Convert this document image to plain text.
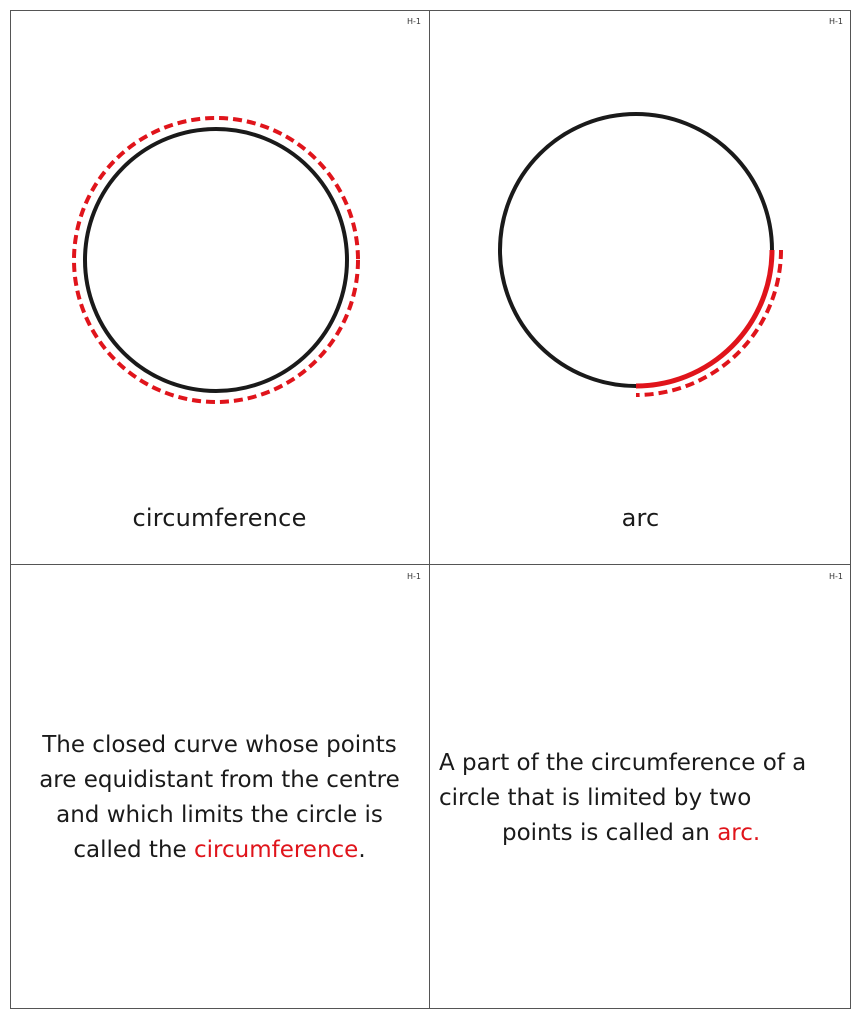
H-1
circumference
H-1
arc
H-1
The closed curve whose points
are equidistant from the centre
and which limits the circle is
called the circumference.
H-1
A part of the circumference of a
circle that is limited by two
points is called an arc.
